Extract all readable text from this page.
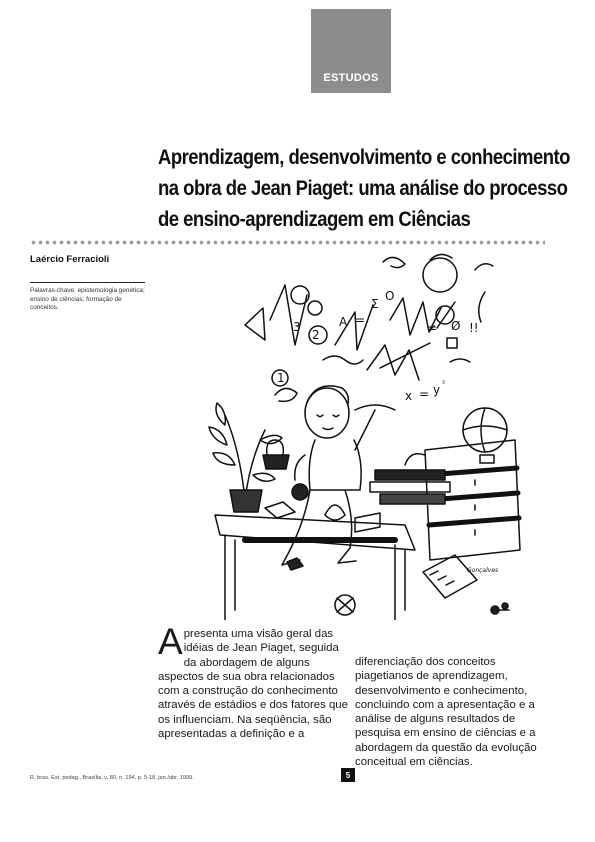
ESTUDOS
Aprendizagem, desenvolvimento e conhecimento
na obra de Jean Piaget: uma análise do processo
de ensino-aprendizagem em Ciências
Laércio Ferracioli
Palavras-chave: epistemologia genética; ensino de ciências; formação de conceitos.
A =
Σ
O
3
2
1
≠ Ø !!
x = y ²
Gonçalves
Apresenta uma visão geral das idéias de Jean Piaget, seguida da abordagem de alguns aspectos de sua obra relacionados com a construção do conhecimento através de estádios e dos fatores que os influenciam. Na seqüência, são apresentadas a definição e a
diferenciação dos conceitos piagetianos de aprendizagem, desenvolvimento e conhecimento, concluindo com a apresentação e a análise de alguns resultados de pesquisa em ensino de ciências e a abordagem da questão da evolução conceitual em ciências.
R. bras. Est. pedag., Brasília, v. 80, n. 194, p. 5-18, jan./abr. 1999.	5
